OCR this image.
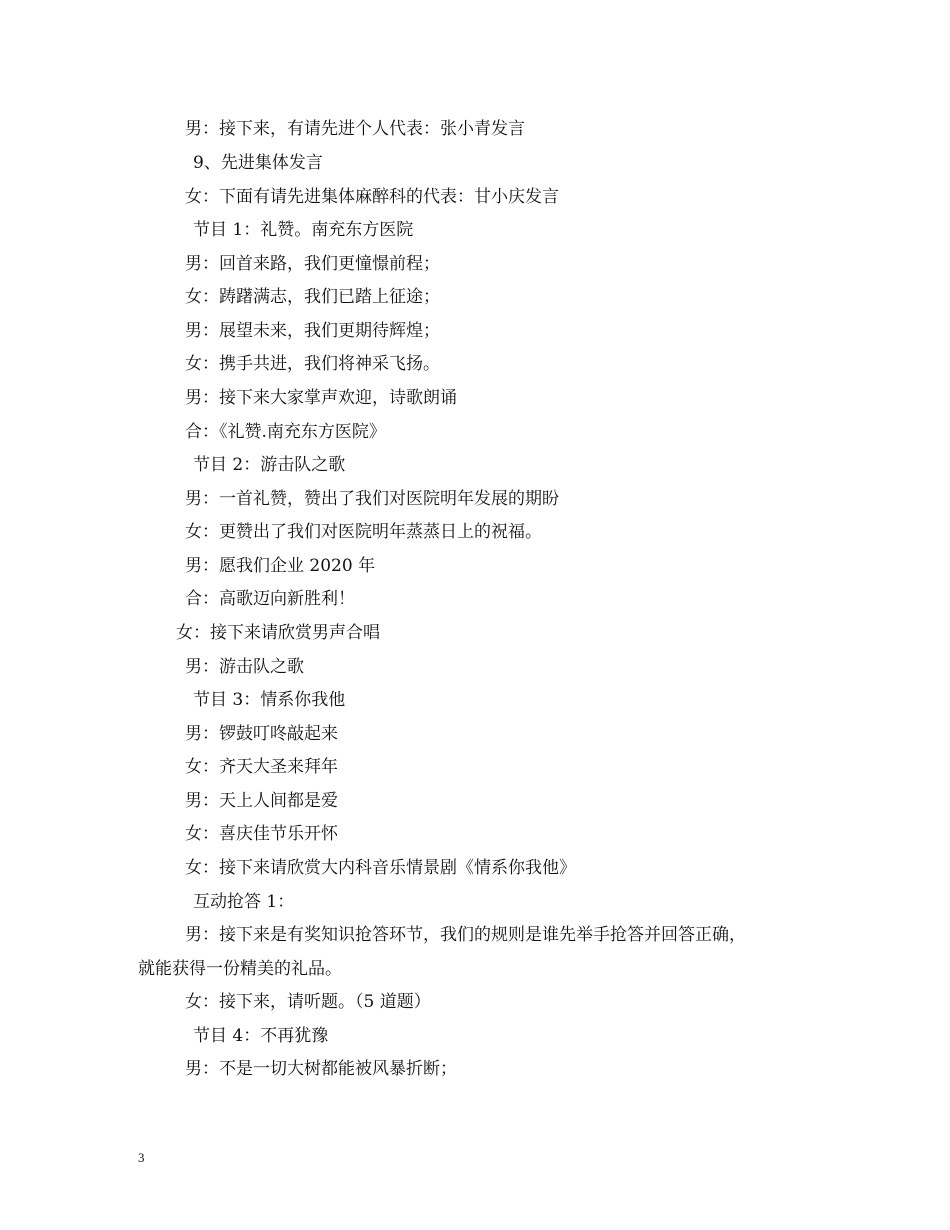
男：接下来，有请先进个人代表：张小青发言
9、先进集体发言
女：下面有请先进集体麻醉科的代表：甘小庆发言
节目 1：礼赞。南充东方医院
男：回首来路，我们更憧憬前程；
女：踌躇满志，我们已踏上征途；
男：展望未来，我们更期待辉煌；
女：携手共进，我们将神采飞扬。
男：接下来大家掌声欢迎，诗歌朗诵
合：《礼赞.南充东方医院》
节目 2：游击队之歌
男：一首礼赞，赞出了我们对医院明年发展的期盼
女：更赞出了我们对医院明年蒸蒸日上的祝福。
男：愿我们企业 2020 年
合：高歌迈向新胜利！
女：接下来请欣赏男声合唱
男：游击队之歌
节目 3：情系你我他
男：锣鼓叮咚敲起来
女：齐天大圣来拜年
男：天上人间都是爱
女：喜庆佳节乐开怀
女：接下来请欣赏大内科音乐情景剧《情系你我他》
互动抢答 1：
男：接下来是有奖知识抢答环节，我们的规则是谁先举手抢答并回答正确，
就能获得一份精美的礼品。
女：接下来，请听题。（5 道题）
节目 4：不再犹豫
男：不是一切大树都能被风暴折断；
3
